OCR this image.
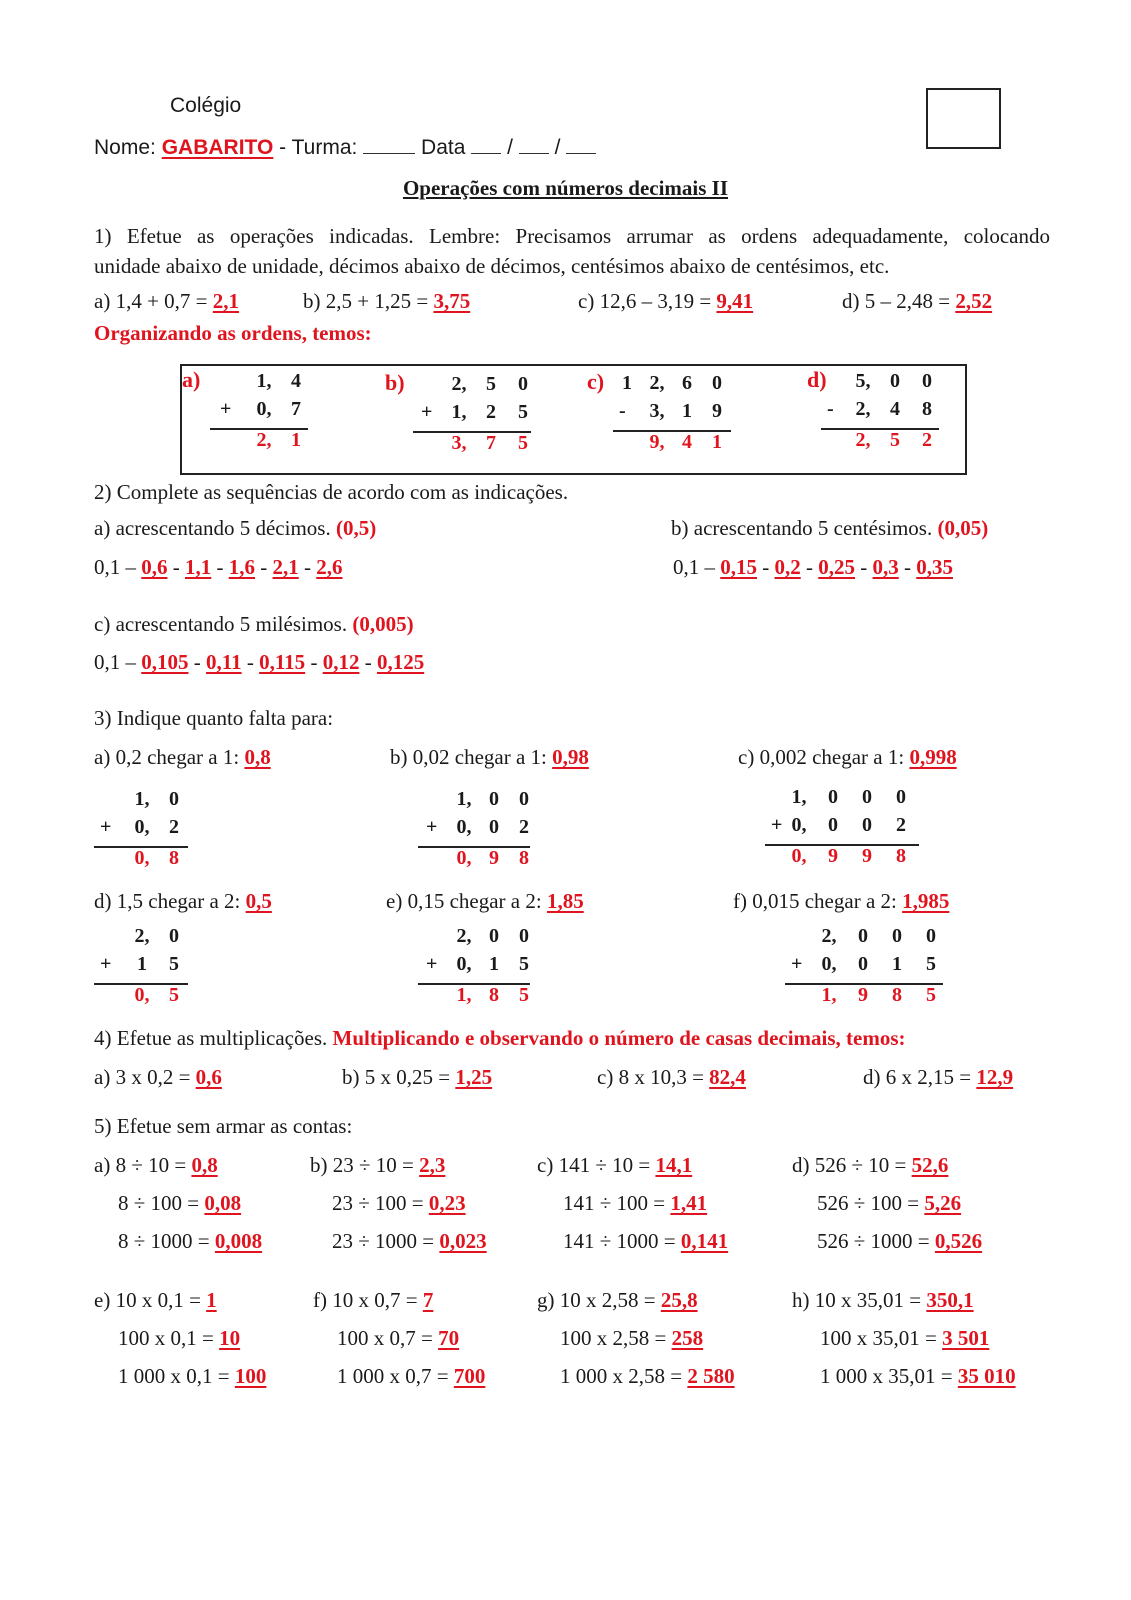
Colégio
Nome: GABARITO - Turma:	Data / /
Operações com números decimais II
1) Efetue as operações indicadas. Lembre: Precisamos arrumar as ordens adequadamente, colocando
unidade abaixo de unidade, décimos abaixo de décimos, centésimos abaixo de centésimos, etc.
a) 1,4 + 0,7 = 2,1	b) 2,5 + 1,25 = 3,75	c) 12,6 – 3,19 = 9,41	d) 5 – 2,48 = 2,52
Organizando as ordens, temos:
a)	1, 4
+ 0, 7
2, 1
b) 2, 5 0
+ 1, 2 5
3, 7 5
c) 1 2, 6 0
- 3, 1 9
9, 4 1
d) 5, 0 0
- 2, 4 8
2, 5 2
2) Complete as sequências de acordo com as indicações.
a) acrescentando 5 décimos. (0,5)	b) acrescentando 5 centésimos. (0,05)
0,1 – 0,6 - 1,1 - 1,6 - 2,1 - 2,6	0,1 – 0,15 - 0,2 - 0,25 - 0,3 - 0,35
c) acrescentando 5 milésimos. (0,005)
0,1 – 0,105 - 0,11 - 0,115 - 0,12 - 0,125
3) Indique quanto falta para:
a) 0,2 chegar a 1: 0,8	b) 0,02 chegar a 1: 0,98	c) 0,002 chegar a 1: 0,998
d) 1,5 chegar a 2: 0,5	e) 0,15 chegar a 2: 1,85	f) 0,015 chegar a 2: 1,985
1, 0
+ 0, 2
0, 8
1, 0 0
+ 0, 0 2
0, 9 8
1, 0 0 0
+ 0, 0 0 2
0, 9 9 8
2, 0
+ 1 5
0, 5
2, 0 0
+ 0, 1 5
1, 8 5
2, 0 0 0
+ 0, 0 1 5
1, 9 8 5
4) Efetue as multiplicações. Multiplicando e observando o número de casas decimais, temos:
a) 3 x 0,2 = 0,6	b) 5 x 0,25 = 1,25	c) 8 x 10,3 = 82,4	d) 6 x 2,15 = 12,9
5) Efetue sem armar as contas:
a) 8 ÷ 10 = 0,8
8 ÷ 100 = 0,08
8 ÷ 1000 = 0,008
b) 23 ÷ 10 = 2,3
23 ÷ 100 = 0,23
23 ÷ 1000 = 0,023
c) 141 ÷ 10 = 14,1
141 ÷ 100 = 1,41
141 ÷ 1000 = 0,141
d) 526 ÷ 10 = 52,6
526 ÷ 100 = 5,26
526 ÷ 1000 = 0,526
e) 10 x 0,1 = 1
100 x 0,1 = 10
1 000 x 0,1 = 100
f) 10 x 0,7 = 7
100 x 0,7 = 70
1 000 x 0,7 = 700
g) 10 x 2,58 = 25,8
100 x 2,58 = 258
1 000 x 2,58 = 2 580
h) 10 x 35,01 = 350,1
100 x 35,01 = 3 501
1 000 x 35,01 = 35 010
